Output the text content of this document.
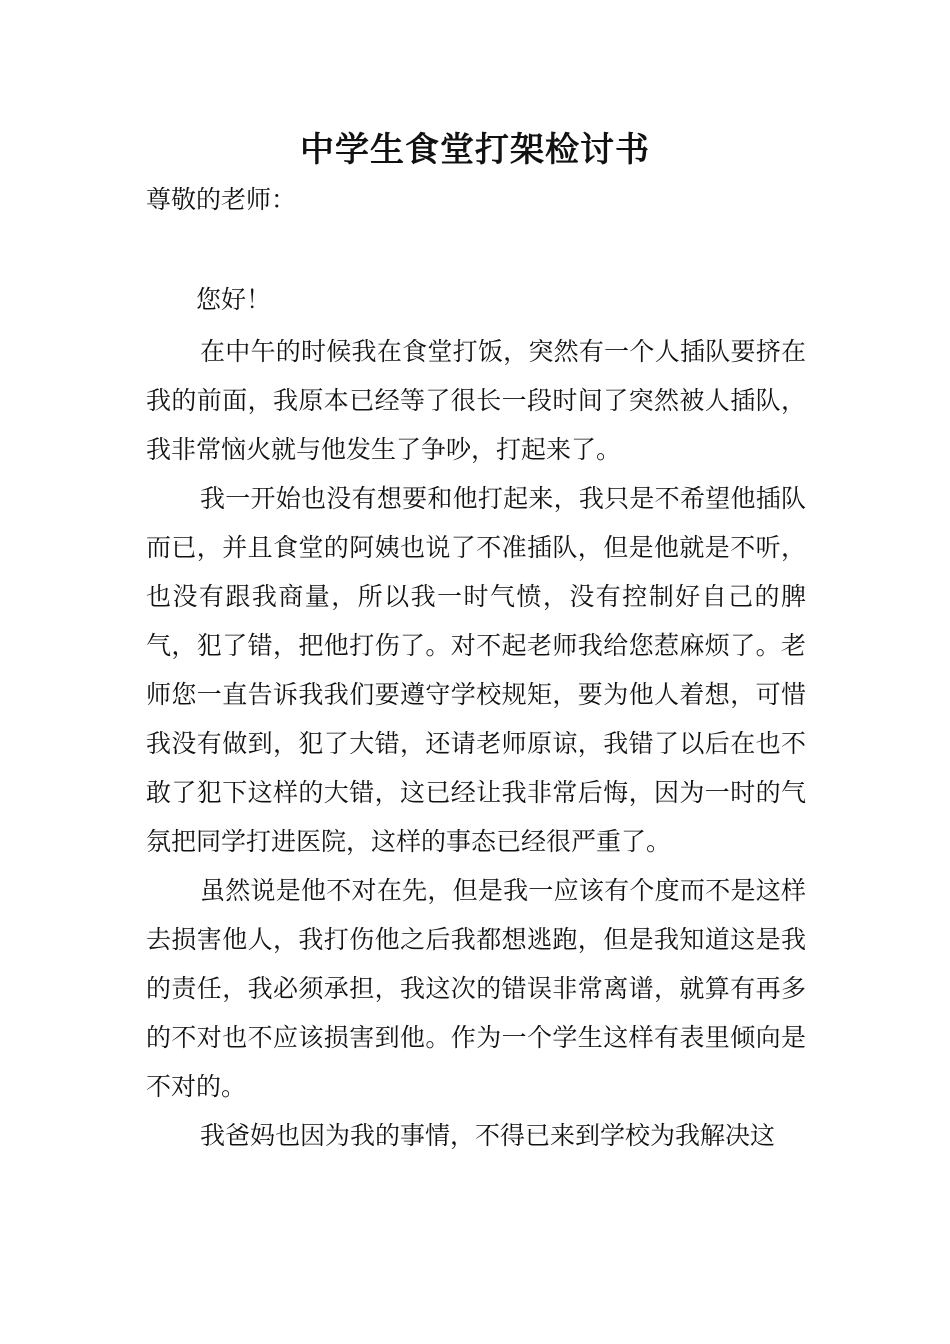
中学生食堂打架检讨书

尊敬的老师：

您好！

在中午的时候我在食堂打饭，突然有一个人插队要挤在我的前面，我原本已经等了很长一段时间了突然被人插队，我非常恼火就与他发生了争吵，打起来了。

我一开始也没有想要和他打起来，我只是不希望他插队而已，并且食堂的阿姨也说了不准插队，但是他就是不听，也没有跟我商量，所以我一时气愤，没有控制好自己的脾气，犯了错，把他打伤了。对不起老师我给您惹麻烦了。老师您一直告诉我我们要遵守学校规矩，要为他人着想，可惜我没有做到，犯了大错，还请老师原谅，我错了以后在也不敢了犯下这样的大错，这已经让我非常后悔，因为一时的气氛把同学打进医院，这样的事态已经很严重了。

虽然说是他不对在先，但是我一应该有个度而不是这样去损害他人，我打伤他之后我都想逃跑，但是我知道这是我的责任，我必须承担，我这次的错误非常离谱，就算有再多的不对也不应该损害到他。作为一个学生这样有表里倾向是不对的。

我爸妈也因为我的事情，不得已来到学校为我解决这
